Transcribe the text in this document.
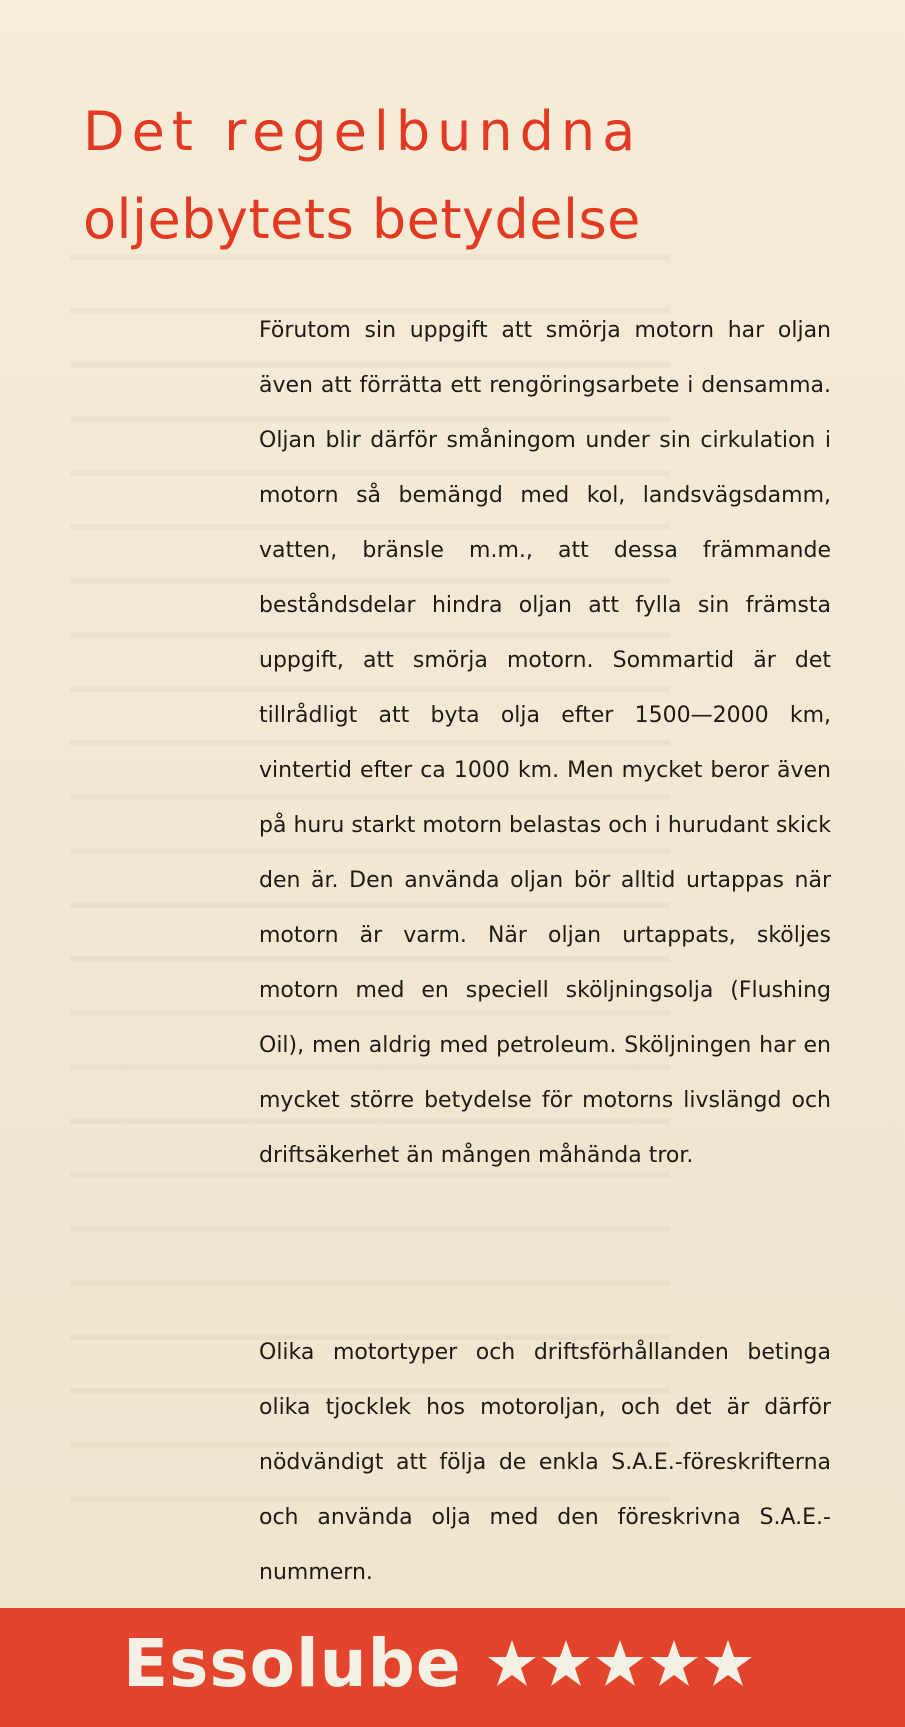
Det regelbundna
oljebytets betydelse

Förutom sin uppgift att smörja motorn har oljan även att förrätta ett rengöringsarbete i densamma. Oljan blir därför småningom under sin cirkulation i motorn så bemängd med kol, landsvägsdamm, vatten, bränsle m.m., att dessa främmande beståndsdelar hindra oljan att fylla sin främsta uppgift, att smörja motorn. Sommartid är det tillrådligt att byta olja efter 1500—2000 km, vintertid efter ca 1000 km. Men mycket beror även på huru starkt motorn belastas och i hurudant skick den är. Den använda oljan bör alltid urtappas när motorn är varm. När oljan urtappats, sköljes motorn med en speciell sköljningsolja (Flushing Oil), men aldrig med petroleum. Sköljningen har en mycket större betydelse för motorns livslängd och driftsäkerhet än mången måhända tror.

Olika motortyper och driftsförhållanden betinga olika tjocklek hos motoroljan, och det är därför nödvändigt att följa de enkla S.A.E.-föreskrifterna och använda olja med den föreskrivna S.A.E.-nummern.

Essolube
